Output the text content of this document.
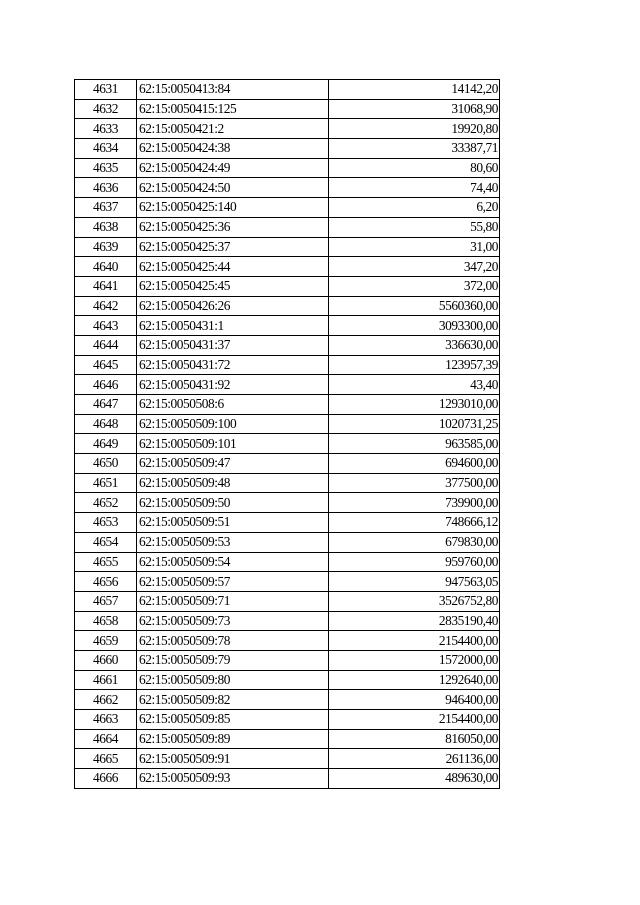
4631	62:15:0050413:84	14142,20
4632	62:15:0050415:125	31068,90
4633	62:15:0050421:2	19920,80
4634	62:15:0050424:38	33387,71
4635	62:15:0050424:49	80,60
4636	62:15:0050424:50	74,40
4637	62:15:0050425:140	6,20
4638	62:15:0050425:36	55,80
4639	62:15:0050425:37	31,00
4640	62:15:0050425:44	347,20
4641	62:15:0050425:45	372,00
4642	62:15:0050426:26	5560360,00
4643	62:15:0050431:1	3093300,00
4644	62:15:0050431:37	336630,00
4645	62:15:0050431:72	123957,39
4646	62:15:0050431:92	43,40
4647	62:15:0050508:6	1293010,00
4648	62:15:0050509:100	1020731,25
4649	62:15:0050509:101	963585,00
4650	62:15:0050509:47	694600,00
4651	62:15:0050509:48	377500,00
4652	62:15:0050509:50	739900,00
4653	62:15:0050509:51	748666,12
4654	62:15:0050509:53	679830,00
4655	62:15:0050509:54	959760,00
4656	62:15:0050509:57	947563,05
4657	62:15:0050509:71	3526752,80
4658	62:15:0050509:73	2835190,40
4659	62:15:0050509:78	2154400,00
4660	62:15:0050509:79	1572000,00
4661	62:15:0050509:80	1292640,00
4662	62:15:0050509:82	946400,00
4663	62:15:0050509:85	2154400,00
4664	62:15:0050509:89	816050,00
4665	62:15:0050509:91	261136,00
4666	62:15:0050509:93	489630,00
